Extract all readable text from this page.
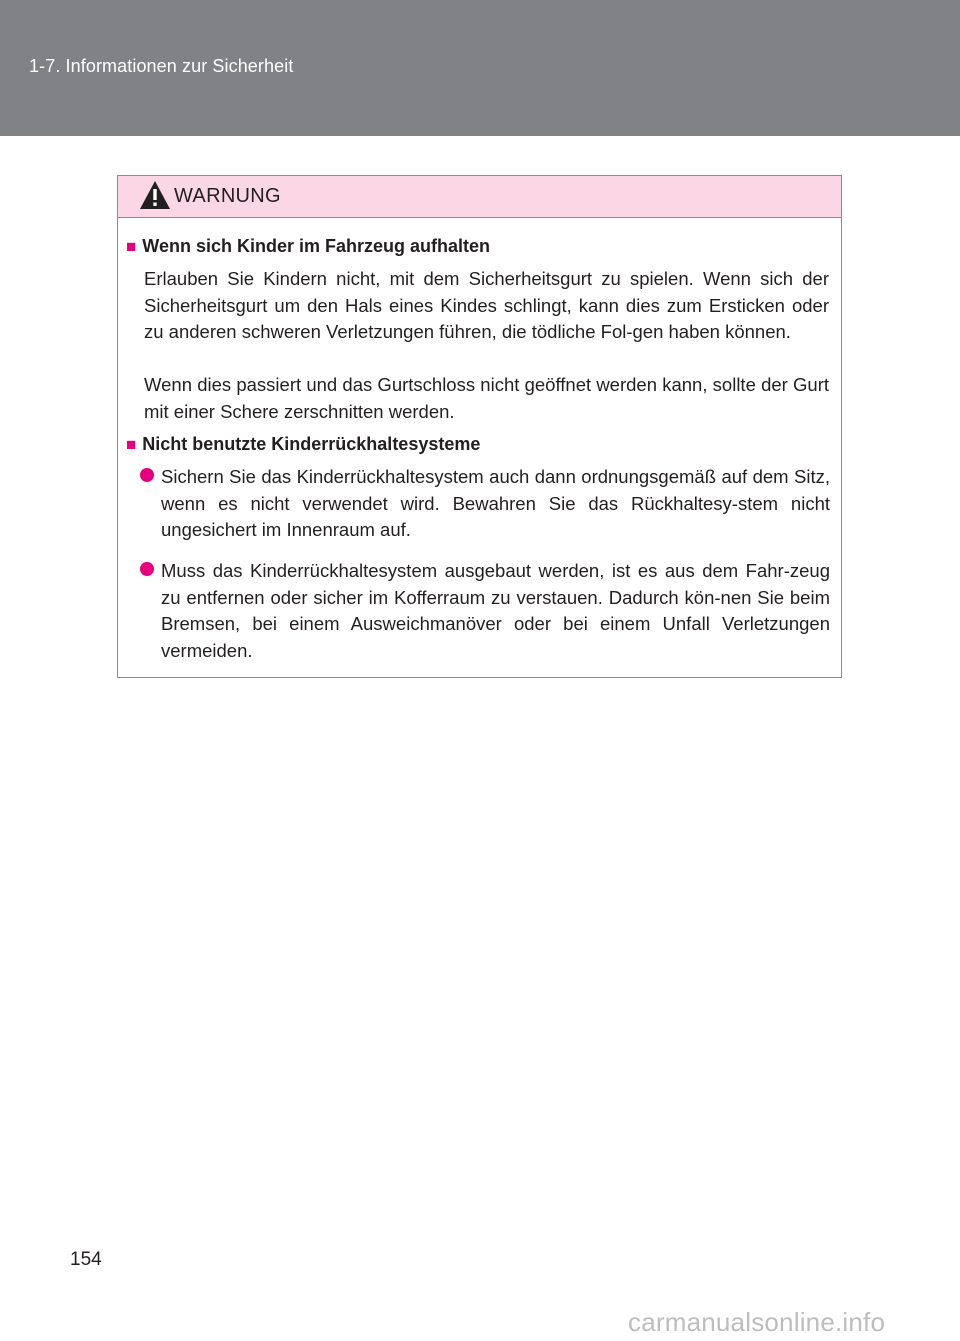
1-7. Informationen zur Sicherheit
WARNUNG
■ Wenn sich Kinder im Fahrzeug aufhalten
Erlauben Sie Kindern nicht, mit dem Sicherheitsgurt zu spielen. Wenn sich der Sicherheitsgurt um den Hals eines Kindes schlingt, kann dies zum Ersticken oder zu anderen schweren Verletzungen führen, die tödliche Fol-gen haben können.
Wenn dies passiert und das Gurtschloss nicht geöffnet werden kann, sollte der Gurt mit einer Schere zerschnitten werden.
■ Nicht benutzte Kinderrückhaltesysteme
Sichern Sie das Kinderrückhaltesystem auch dann ordnungsgemäß auf dem Sitz, wenn es nicht verwendet wird. Bewahren Sie das Rückhaltesy-stem nicht ungesichert im Innenraum auf.
Muss das Kinderrückhaltesystem ausgebaut werden, ist es aus dem Fahr-zeug zu entfernen oder sicher im Kofferraum zu verstauen. Dadurch kön-nen Sie beim Bremsen, bei einem Ausweichmanöver oder bei einem Unfall Verletzungen vermeiden.
154
carmanualsonline.info
